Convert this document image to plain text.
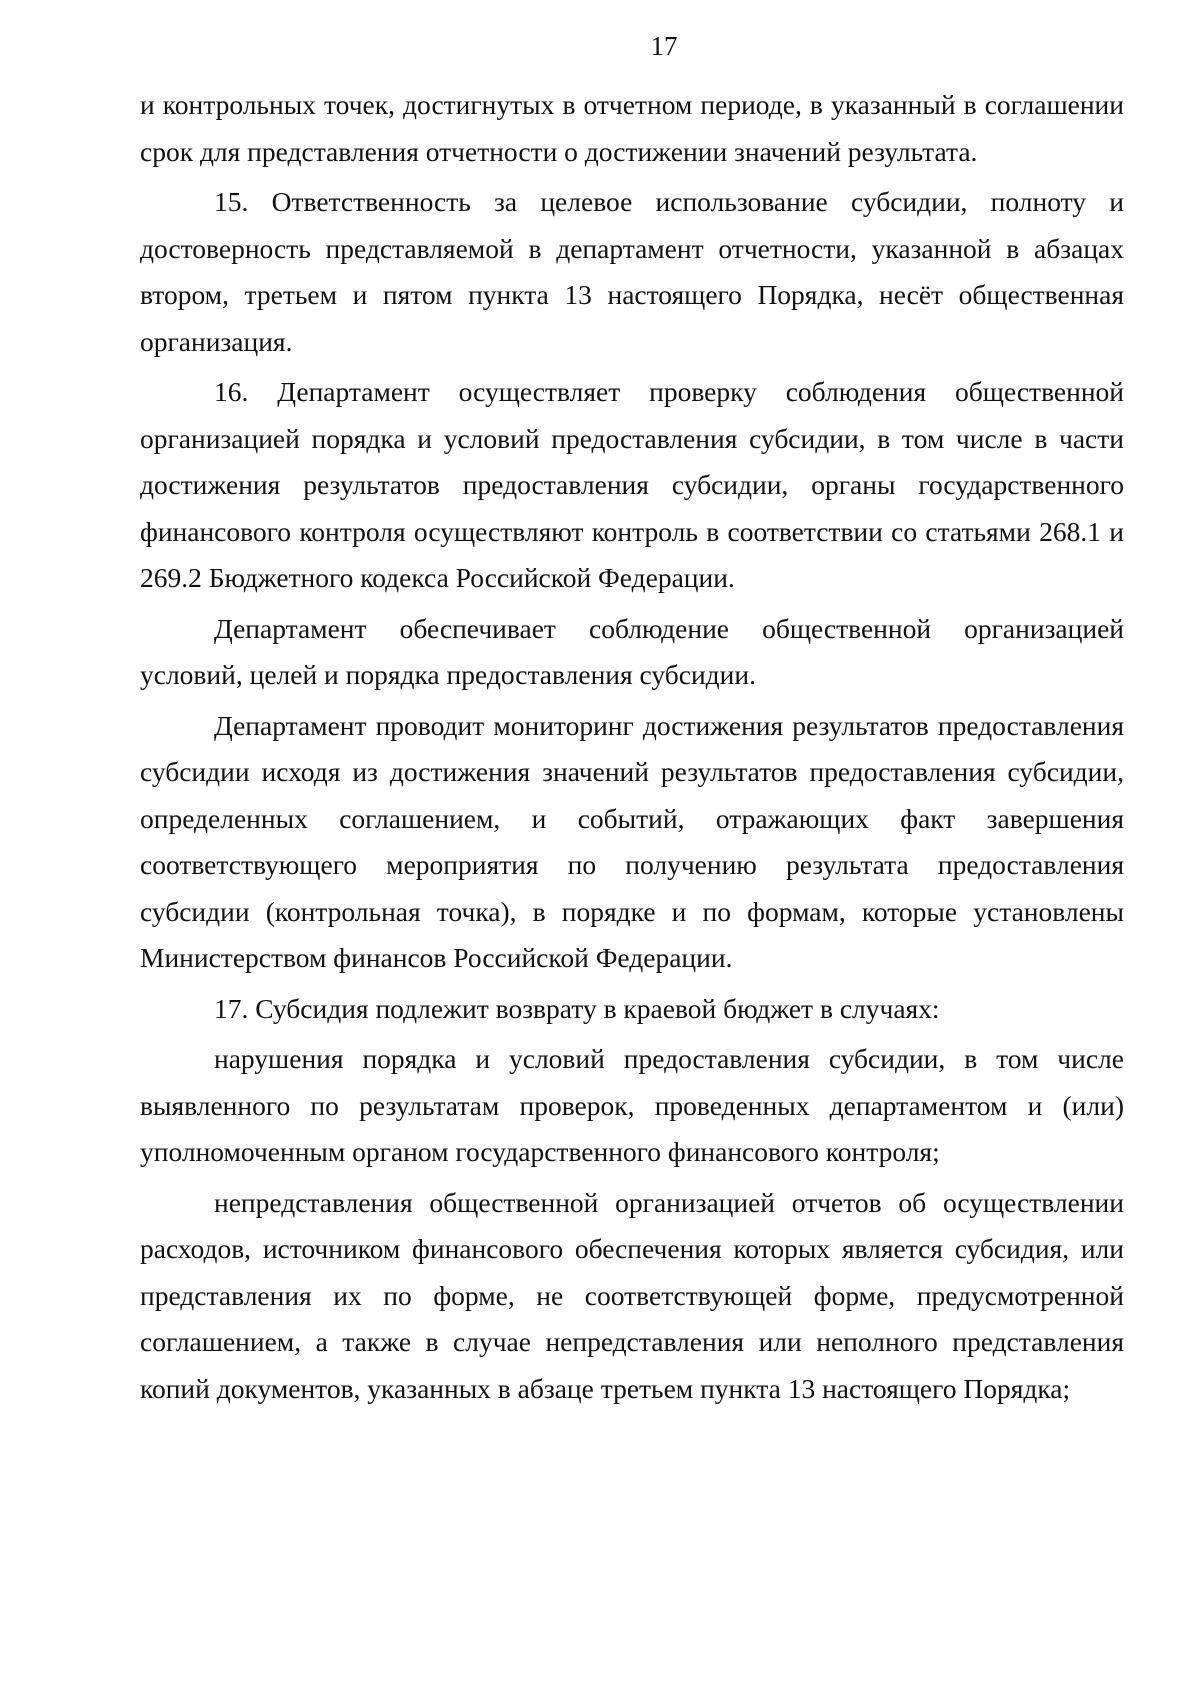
17

и контрольных точек, достигнутых в отчетном периоде, в указанный в соглашении срок для представления отчетности о достижении значений результата.

15. Ответственность за целевое использование субсидии, полноту и достоверность представляемой в департамент отчетности, указанной в абзацах втором, третьем и пятом пункта 13 настоящего Порядка, несёт общественная организация.

16. Департамент осуществляет проверку соблюдения общественной организацией порядка и условий предоставления субсидии, в том числе в части достижения результатов предоставления субсидии, органы государственного финансового контроля осуществляют контроль в соответствии со статьями 268.1 и 269.2 Бюджетного кодекса Российской Федерации.

Департамент обеспечивает соблюдение общественной организацией условий, целей и порядка предоставления субсидии.

Департамент проводит мониторинг достижения результатов предоставления субсидии исходя из достижения значений результатов предоставления субсидии, определенных соглашением, и событий, отражающих факт завершения соответствующего мероприятия по получению результата предоставления субсидии (контрольная точка), в порядке и по формам, которые установлены Министерством финансов Российской Федерации.

17. Субсидия подлежит возврату в краевой бюджет в случаях:

нарушения порядка и условий предоставления субсидии, в том числе выявленного по результатам проверок, проведенных департаментом и (или) уполномоченным органом государственного финансового контроля;

непредставления общественной организацией отчетов об осуществлении расходов, источником финансового обеспечения которых является субсидия, или представления их по форме, не соответствующей форме, предусмотренной соглашением, а также в случае непредставления или неполного представления копий документов, указанных в абзаце третьем пункта 13 настоящего Порядка;
